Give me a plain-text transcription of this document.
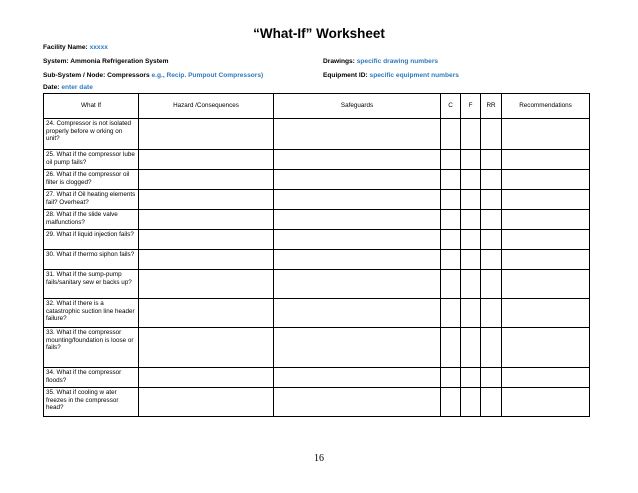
“What-If” Worksheet
Facility Name: xxxxx
System: Ammonia Refrigeration System
Sub-System / Node: Compressors e.g., Recip. Pumpout Compressors)
Date: enter date
Drawings: specific drawing numbers
Equipment ID: specific equipment numbers
What If	Hazard /Consequences	Safeguards	C	F	RR	Recommendations
24. Compressor is not isolated properly before w orking on unit?						
25. What if the compressor lube oil pump fails?						
26. What if the compressor oil filter is clogged?						
27. What if Oil heating elements fail? Overheat?						
28. What if the slide valve malfunctions?						
29. What if liquid injection fails?						
30. What if thermo siphon fails?						
31. What if the sump-pump fails/sanitary sew er backs up?						
32. What if there is a catastrophic suction line header failure?						
33. What if the compressor mounting/foundation is loose or fails?						
34. What if the compressor floods?						
35. What if cooling w ater freezes in the compressor head?						
16
